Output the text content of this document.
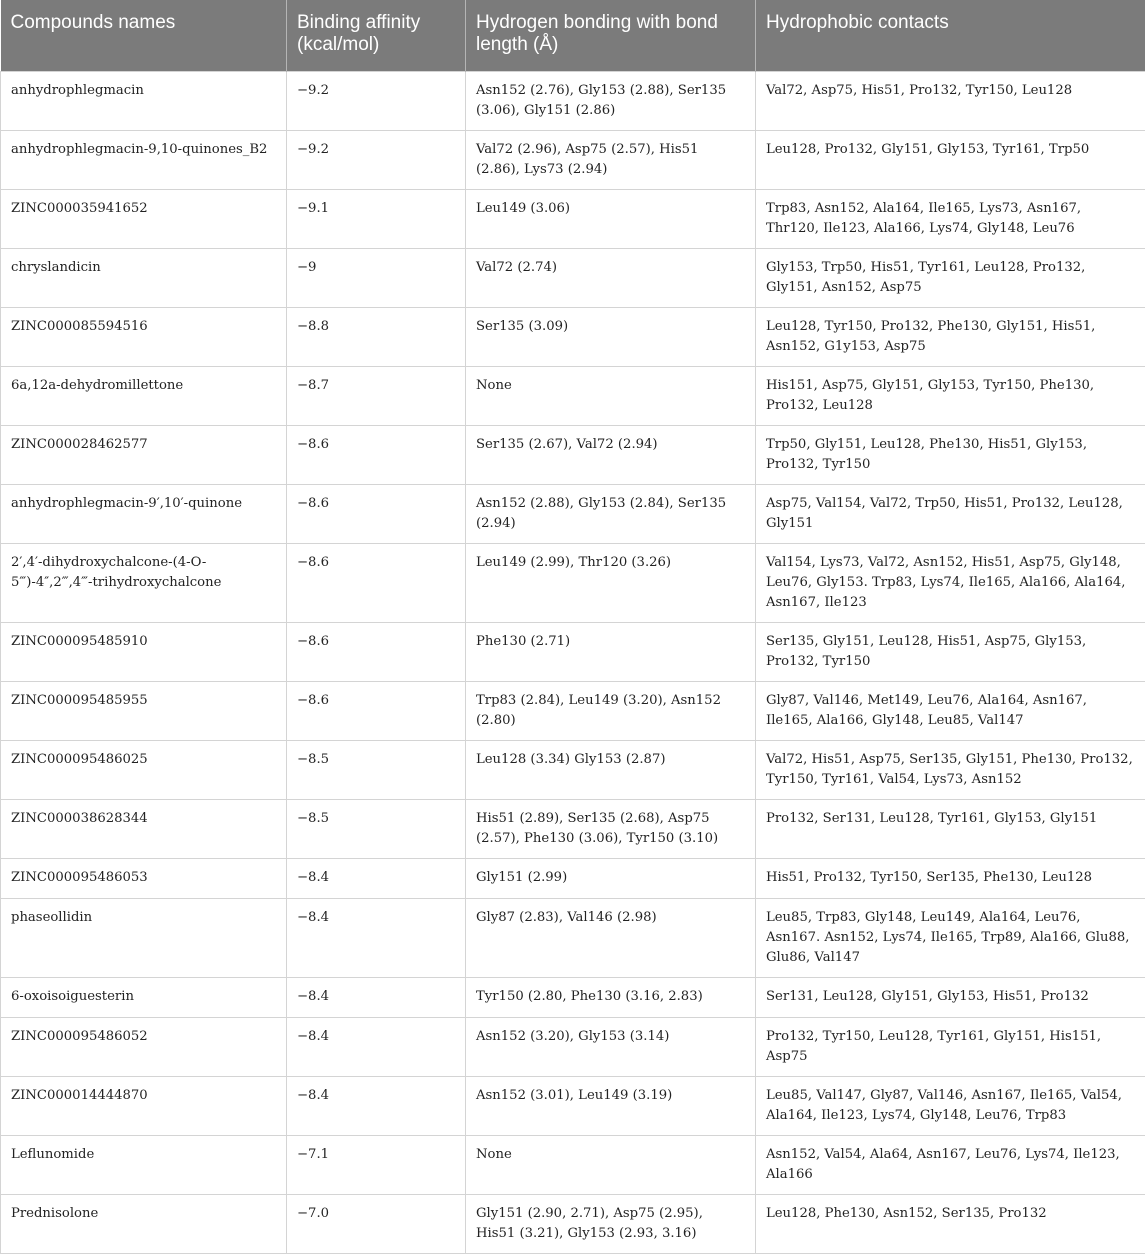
Compounds names	Binding affinity (kcal/mol)	Hydrogen bonding with bond length (Å)	Hydrophobic contacts
anhydrophlegmacin	−9.2	Asn152 (2.76), Gly153 (2.88), Ser135 (3.06), Gly151 (2.86)	Val72, Asp75, His51, Pro132, Tyr150, Leu128
anhydrophlegmacin-9,10-quinones_B2	−9.2	Val72 (2.96), Asp75 (2.57), His51 (2.86), Lys73 (2.94)	Leu128, Pro132, Gly151, Gly153, Tyr161, Trp50
ZINC000035941652	−9.1	Leu149 (3.06)	Trp83, Asn152, Ala164, Ile165, Lys73, Asn167, Thr120, Ile123, Ala166, Lys74, Gly148, Leu76
chryslandicin	−9	Val72 (2.74)	Gly153, Trp50, His51, Tyr161, Leu128, Pro132, Gly151, Asn152, Asp75
ZINC000085594516	−8.8	Ser135 (3.09)	Leu128, Tyr150, Pro132, Phe130, Gly151, His51, Asn152, G1y153, Asp75
6a,12a-dehydromillettone	−8.7	None	His151, Asp75, Gly151, Gly153, Tyr150, Phe130, Pro132, Leu128
ZINC000028462577	−8.6	Ser135 (2.67), Val72 (2.94)	Trp50, Gly151, Leu128, Phe130, His51, Gly153, Pro132, Tyr150
anhydrophlegmacin-9′,10′-quinone	−8.6	Asn152 (2.88), Gly153 (2.84), Ser135 (2.94)	Asp75, Val154, Val72, Trp50, His51, Pro132, Leu128, Gly151
2′,4′-dihydroxychalcone-(4-O-5‴)-4″,2‴,4‴-trihydroxychalcone	−8.6	Leu149 (2.99), Thr120 (3.26)	Val154, Lys73, Val72, Asn152, His51, Asp75, Gly148, Leu76, Gly153. Trp83, Lys74, Ile165, Ala166, Ala164, Asn167, Ile123
ZINC000095485910	−8.6	Phe130 (2.71)	Ser135, Gly151, Leu128, His51, Asp75, Gly153, Pro132, Tyr150
ZINC000095485955	−8.6	Trp83 (2.84), Leu149 (3.20), Asn152 (2.80)	Gly87, Val146, Met149, Leu76, Ala164, Asn167, Ile165, Ala166, Gly148, Leu85, Val147
ZINC000095486025	−8.5	Leu128 (3.34) Gly153 (2.87)	Val72, His51, Asp75, Ser135, Gly151, Phe130, Pro132, Tyr150, Tyr161, Val54, Lys73, Asn152
ZINC000038628344	−8.5	His51 (2.89), Ser135 (2.68), Asp75 (2.57), Phe130 (3.06), Tyr150 (3.10)	Pro132, Ser131, Leu128, Tyr161, Gly153, Gly151
ZINC000095486053	−8.4	Gly151 (2.99)	His51, Pro132, Tyr150, Ser135, Phe130, Leu128
phaseollidin	−8.4	Gly87 (2.83), Val146 (2.98)	Leu85, Trp83, Gly148, Leu149, Ala164, Leu76, Asn167. Asn152, Lys74, Ile165, Trp89, Ala166, Glu88, Glu86, Val147
6-oxoisoiguesterin	−8.4	Tyr150 (2.80, Phe130 (3.16, 2.83)	Ser131, Leu128, Gly151, Gly153, His51, Pro132
ZINC000095486052	−8.4	Asn152 (3.20), Gly153 (3.14)	Pro132, Tyr150, Leu128, Tyr161, Gly151, His151, Asp75
ZINC000014444870	−8.4	Asn152 (3.01), Leu149 (3.19)	Leu85, Val147, Gly87, Val146, Asn167, Ile165, Val54, Ala164, Ile123, Lys74, Gly148, Leu76, Trp83
Leflunomide	−7.1	None	Asn152, Val54, Ala64, Asn167, Leu76, Lys74, Ile123, Ala166
Prednisolone	−7.0	Gly151 (2.90, 2.71), Asp75 (2.95), His51 (3.21), Gly153 (2.93, 3.16)	Leu128, Phe130, Asn152, Ser135, Pro132
